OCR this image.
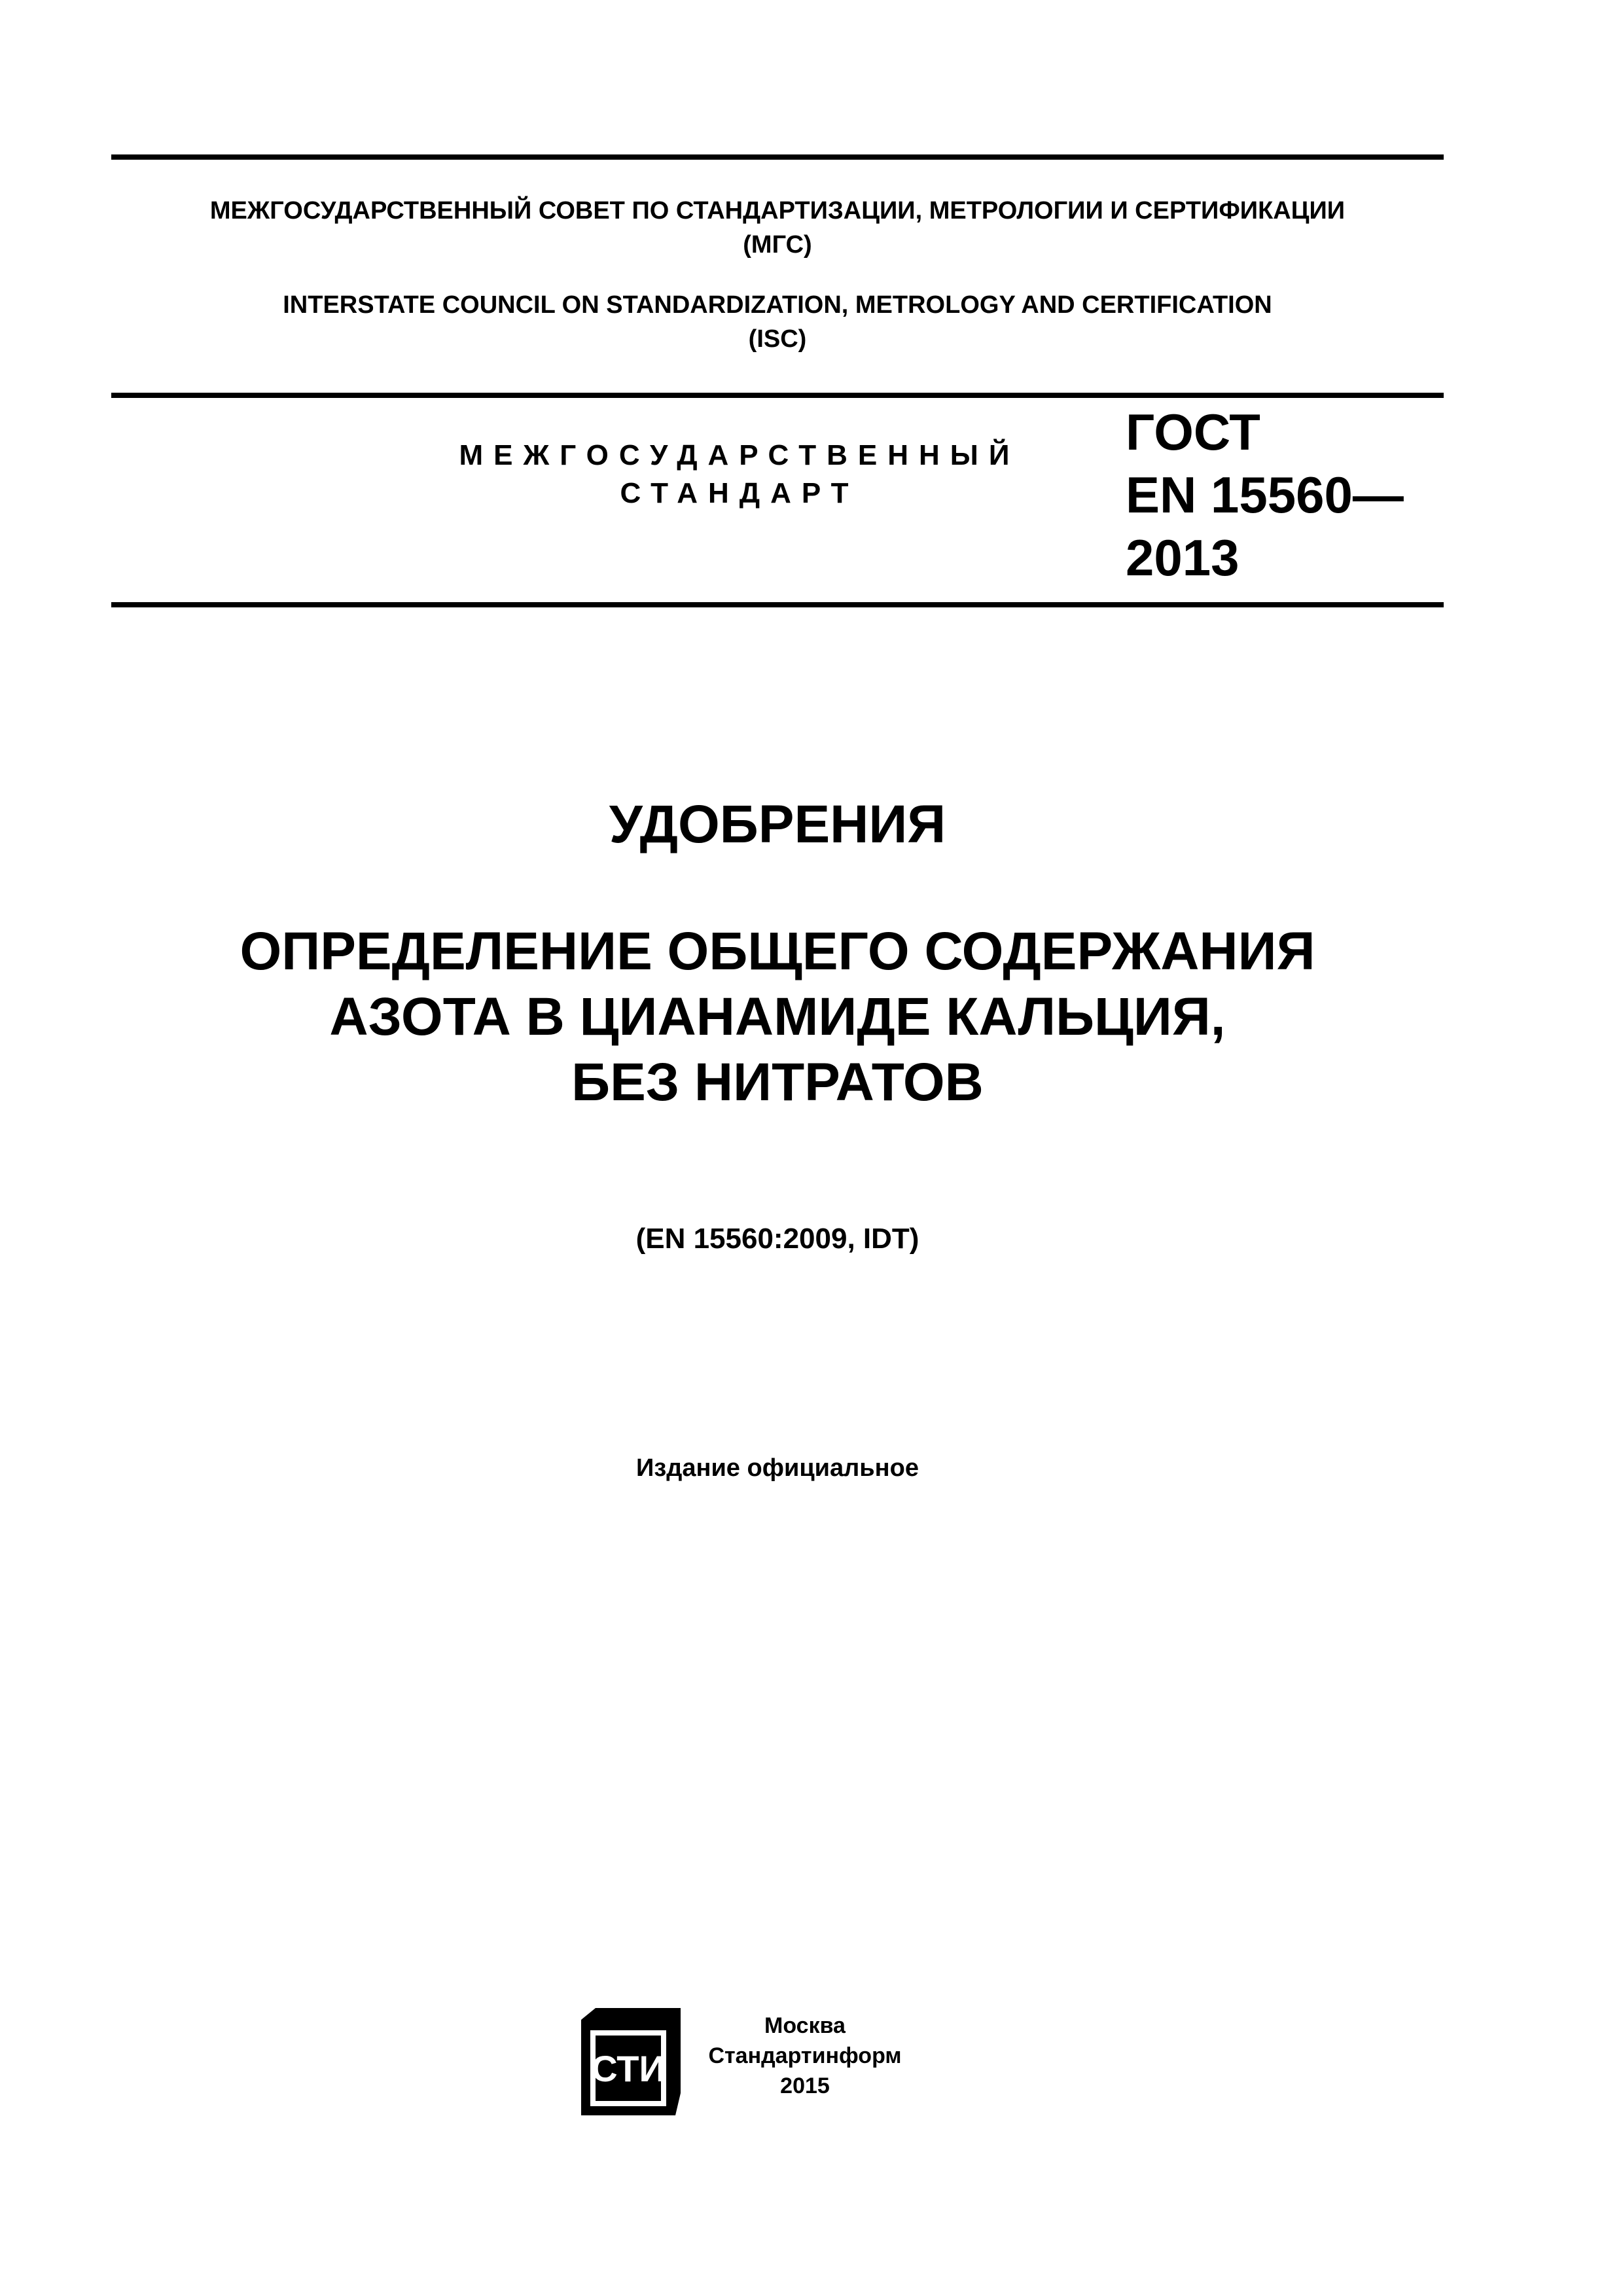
МЕЖГОСУДАРСТВЕННЫЙ СОВЕТ ПО СТАНДАРТИЗАЦИИ, МЕТРОЛОГИИ И СЕРТИФИКАЦИИ
(МГС)
INTERSTATE COUNCIL ON STANDARDIZATION, METROLOGY AND CERTIFICATION
(ISC)
МЕЖГОСУДАРСТВЕННЫЙ
СТАНДАРТ
ГОСТ
EN 15560—
2013
УДОБРЕНИЯ
ОПРЕДЕЛЕНИЕ ОБЩЕГО СОДЕРЖАНИЯ
АЗОТА В ЦИАНАМИДЕ КАЛЬЦИЯ,
БЕЗ НИТРАТОВ
(EN 15560:2009, IDT)
Издание официальное
СТИ
Москва
Стандартинформ
2015
